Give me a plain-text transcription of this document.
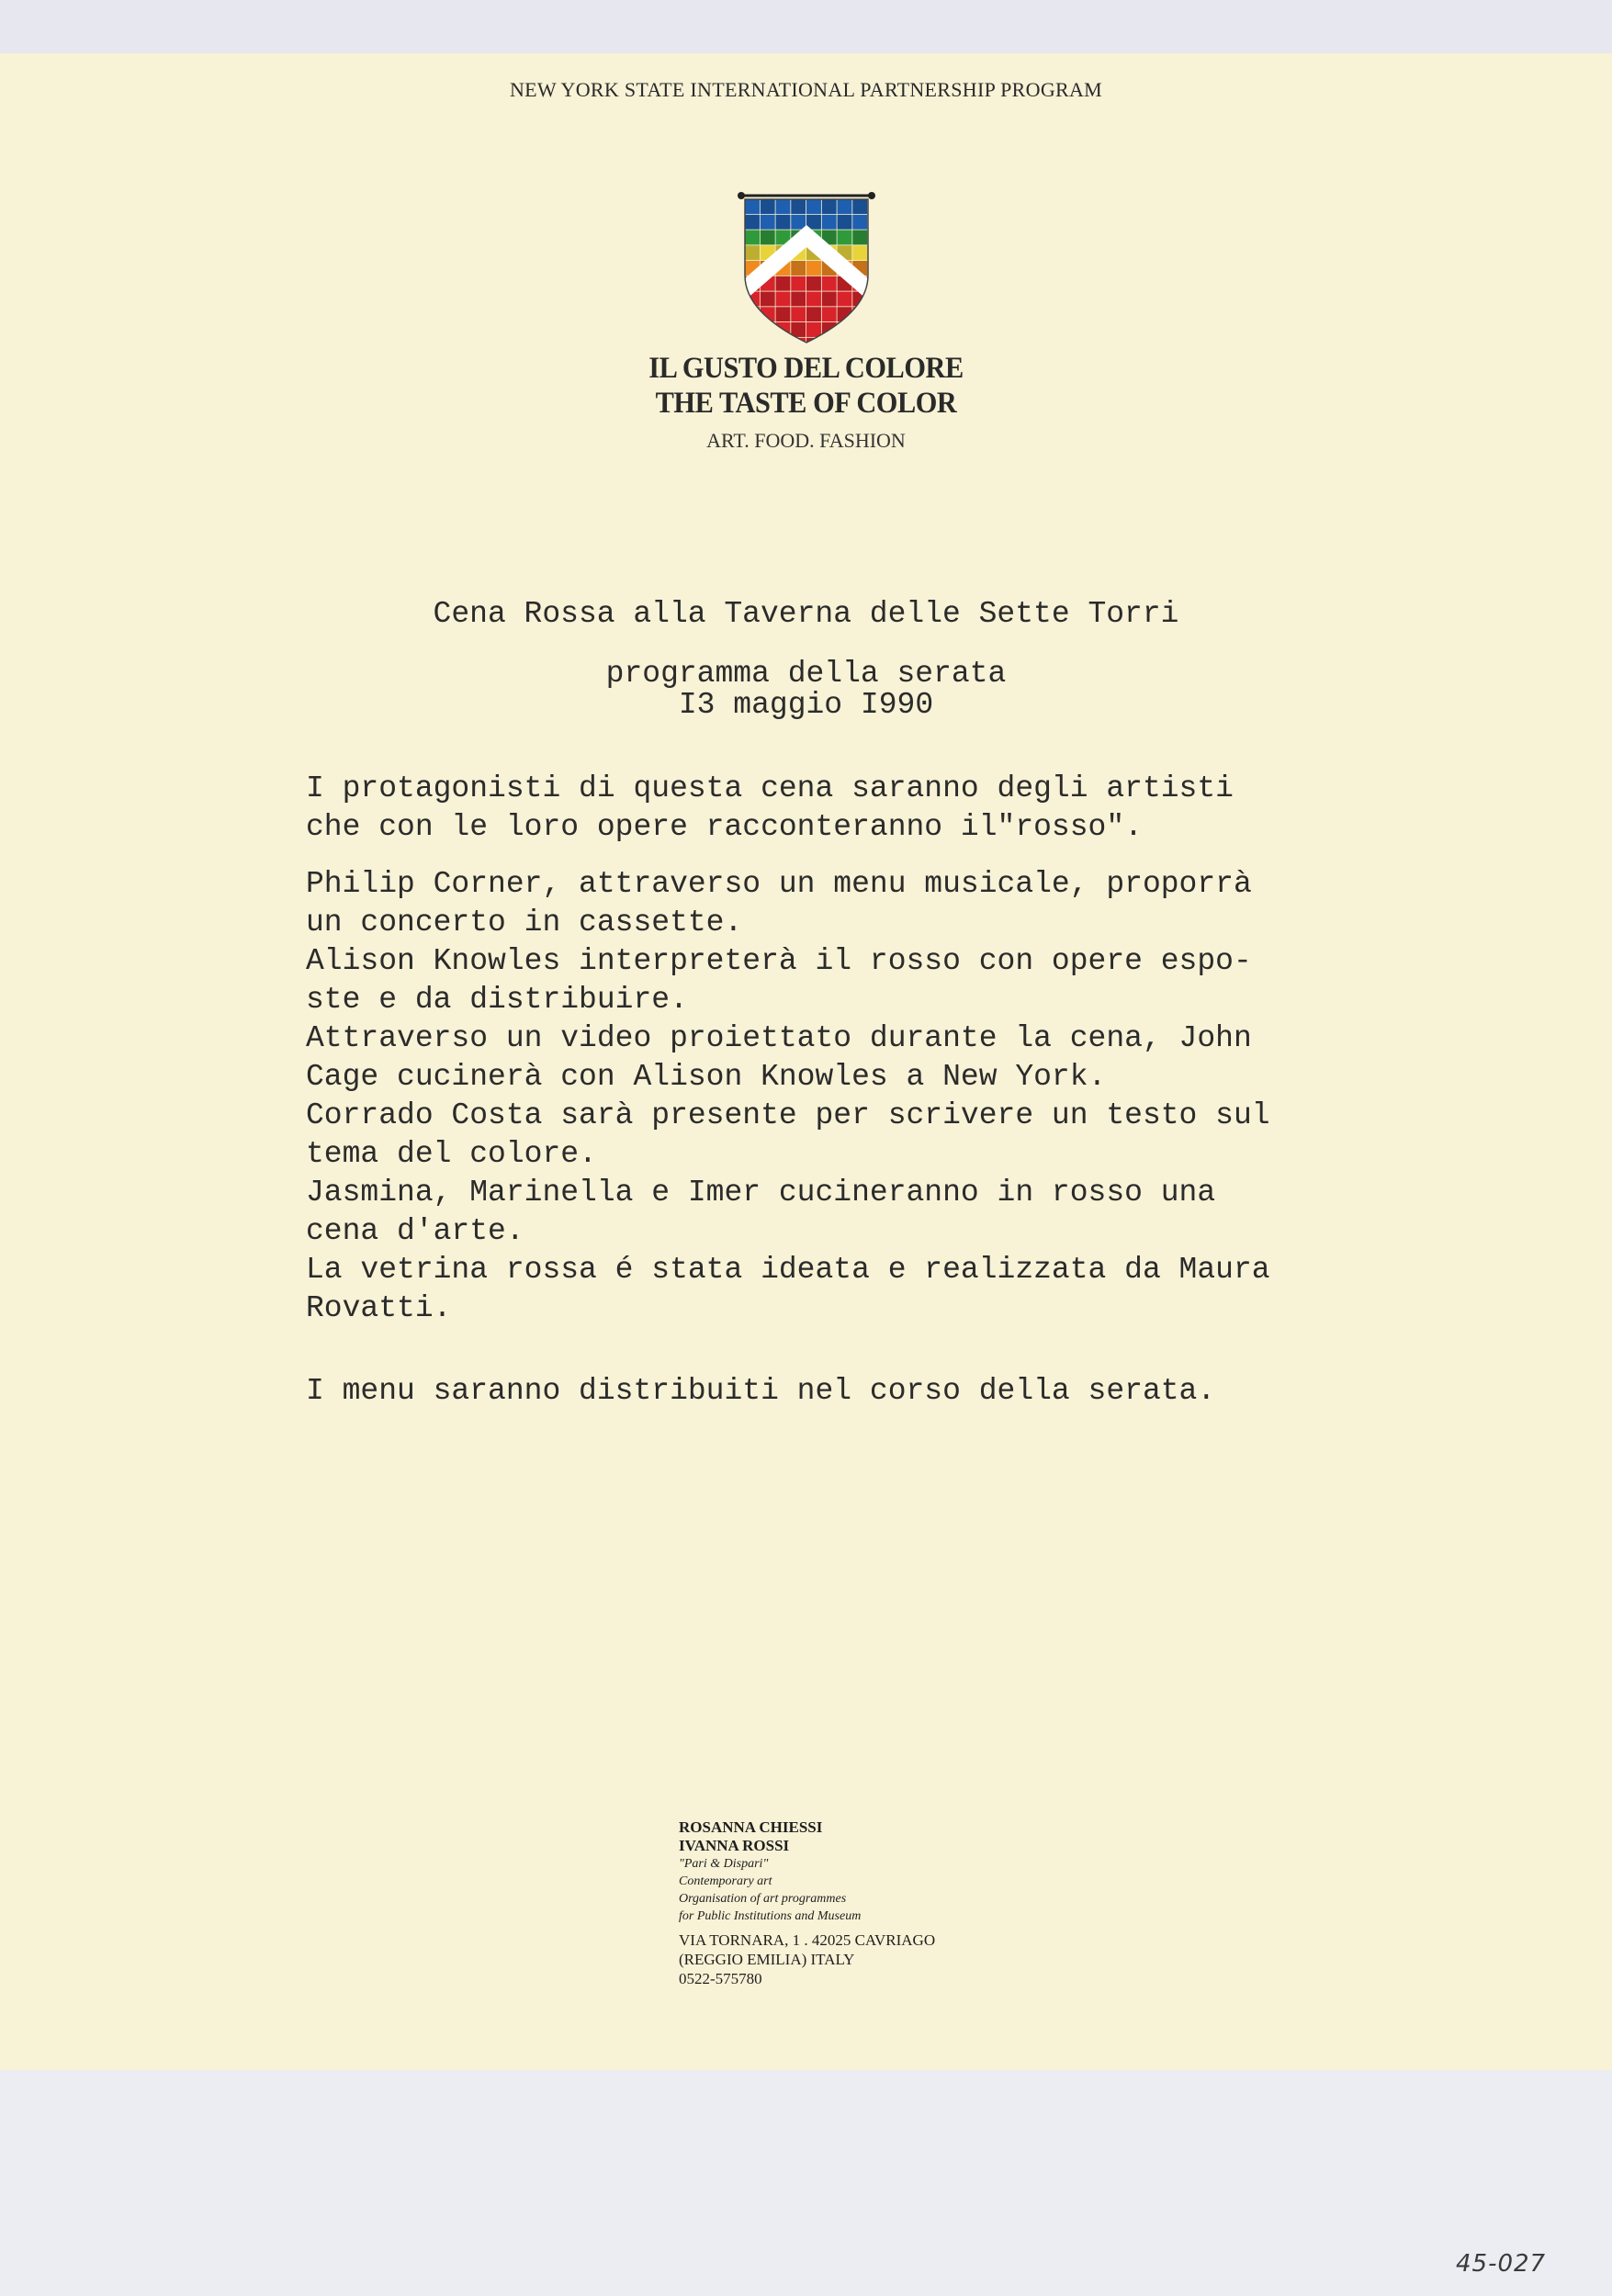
NEW YORK STATE INTERNATIONAL PARTNERSHIP PROGRAM
IL GUSTO DEL COLORE
THE TASTE OF COLOR
ART. FOOD. FASHION
Cena Rossa alla Taverna delle Sette Torri
programma della serata
I3 maggio I990
I protagonisti di questa cena saranno degli artisti
che con le loro opere racconteranno il"rosso".
Philip Corner, attraverso un menu musicale, proporrà
un concerto in cassette.
Alison Knowles interpreterà il rosso con opere espo-
ste e da distribuire.
Attraverso un video proiettato durante la cena, John
Cage cucinerà con Alison Knowles a New York.
Corrado Costa sarà presente per scrivere un testo sul
tema del colore.
Jasmina, Marinella e Imer cucineranno in rosso una
cena d'arte.
La vetrina rossa é stata ideata e realizzata da Maura
Rovatti.
I menu saranno distribuiti nel corso della serata.
ROSANNA CHIESSI
IVANNA ROSSI
"Pari & Dispari"
Contemporary art
Organisation of art programmes
for Public Institutions and Museum
VIA TORNARA, 1 . 42025 CAVRIAGO
(REGGIO EMILIA) ITALY
0522-575780
45-027
